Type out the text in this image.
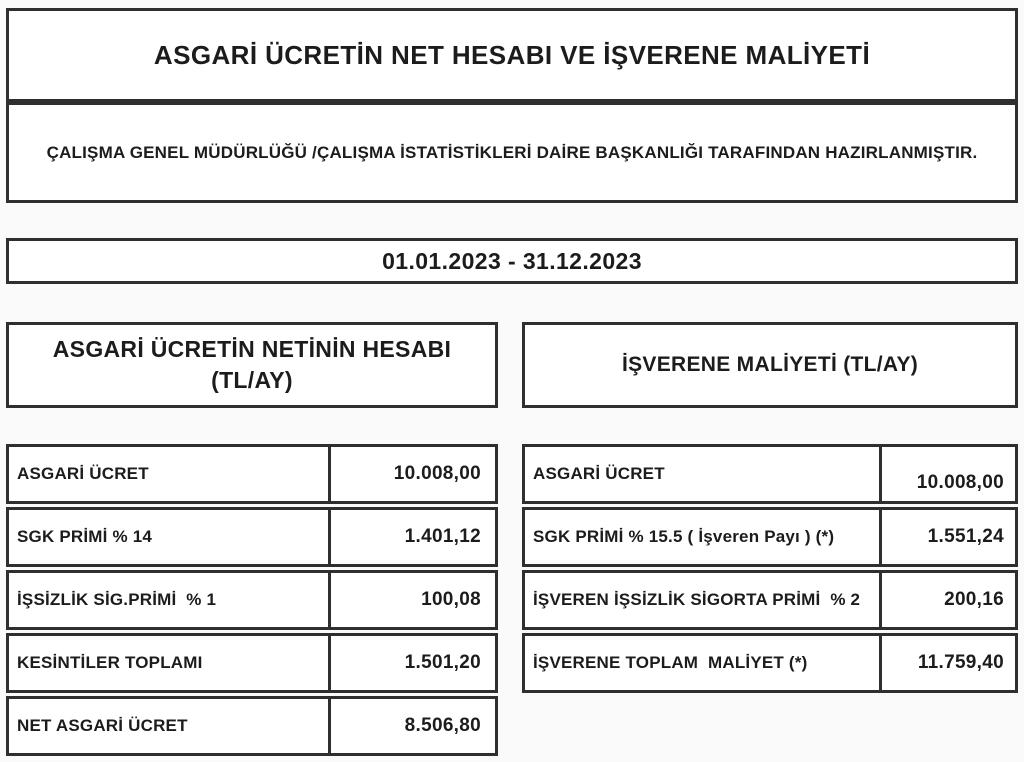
ASGARİ ÜCRETİN NET HESABI VE İŞVERENE MALİYETİ
ÇALIŞMA GENEL MÜDÜRLÜĞÜ /ÇALIŞMA İSTATİSTİKLERİ DAİRE BAŞKANLIĞI TARAFINDAN HAZIRLANMIŞTIR.
01.01.2023 - 31.12.2023
ASGARİ ÜCRETİN NETİNİN HESABI
(TL/AY)
ASGARİ ÜCRET	10.008,00
SGK PRİMİ % 14	1.401,12
İŞSİZLİK SİG.PRİMİ  % 1	100,08
KESİNTİLER TOPLAMI	1.501,20
NET ASGARİ ÜCRET	8.506,80
İŞVERENE MALİYETİ (TL/AY)
ASGARİ ÜCRET	10.008,00
SGK PRİMİ % 15.5 ( İşveren Payı ) (*)	1.551,24
İŞVEREN İŞSİZLİK SİGORTA PRİMİ  % 2	200,16
İŞVERENE TOPLAM  MALİYET (*)	11.759,40
